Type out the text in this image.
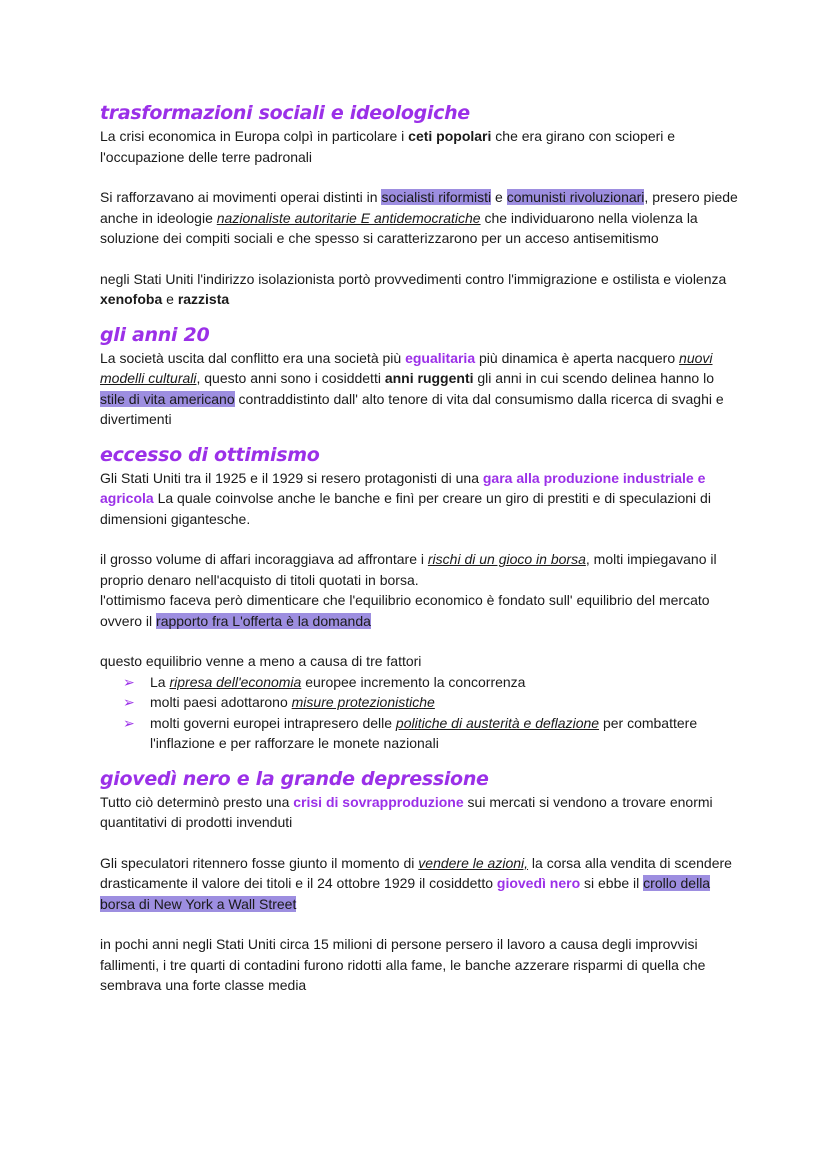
trasformazioni sociali e ideologiche

La crisi economica in Europa colpì in particolare i ceti popolari che era girano con scioperi e l'occupazione delle terre padronali

Si rafforzavano ai movimenti operai distinti in socialisti riformisti e comunisti rivoluzionari, presero piede anche in ideologie nazionaliste autoritarie E antidemocratiche che individuarono nella violenza la soluzione dei compiti sociali e che spesso si caratterizzarono per un acceso antisemitismo

negli Stati Uniti l'indirizzo isolazionista portò provvedimenti contro l'immigrazione e ostilista e violenza xenofoba e razzista

gli anni 20

La società uscita dal conflitto era una società più egualitaria più dinamica è aperta nacquero nuovi modelli culturali, questo anni sono i cosiddetti anni ruggenti gli anni in cui scendo delinea hanno lo stile di vita americano contraddistinto dall' alto tenore di vita dal consumismo dalla ricerca di svaghi e divertimenti

eccesso di ottimismo

Gli Stati Uniti tra il 1925 e il 1929 si resero protagonisti di una gara alla produzione industriale e agricola La quale coinvolse anche le banche e finì per creare un giro di prestiti e di speculazioni di dimensioni gigantesche.

il grosso volume di affari incoraggiava ad affrontare i rischi di un gioco in borsa, molti impiegavano il proprio denaro nell'acquisto di titoli quotati in borsa.
l'ottimismo faceva però dimenticare che l'equilibrio economico è fondato sull' equilibrio del mercato ovvero il rapporto fra L'offerta è la domanda

questo equilibrio venne a meno a causa di tre fattori

➢ La ripresa dell'economia europee incremento la concorrenza
➢ molti paesi adottarono misure protezionistiche
➢ molti governi europei intrapresero delle politiche di austerità e deflazione per combattere l'inflazione e per rafforzare le monete nazionali
giovedì nero e la grande depressione

Tutto ciò determinò presto una crisi di sovrapproduzione sui mercati si vendono a trovare enormi quantitativi di prodotti invenduti

Gli speculatori ritennero fosse giunto il momento di vendere le azioni, la corsa alla vendita di scendere drasticamente il valore dei titoli e il 24 ottobre 1929 il cosiddetto giovedì nero si ebbe il crollo della borsa di New York a Wall Street

in pochi anni negli Stati Uniti circa 15 milioni di persone persero il lavoro a causa degli improvvisi fallimenti, i tre quarti di contadini furono ridotti alla fame, le banche azzerare risparmi di quella che sembrava una forte classe media
